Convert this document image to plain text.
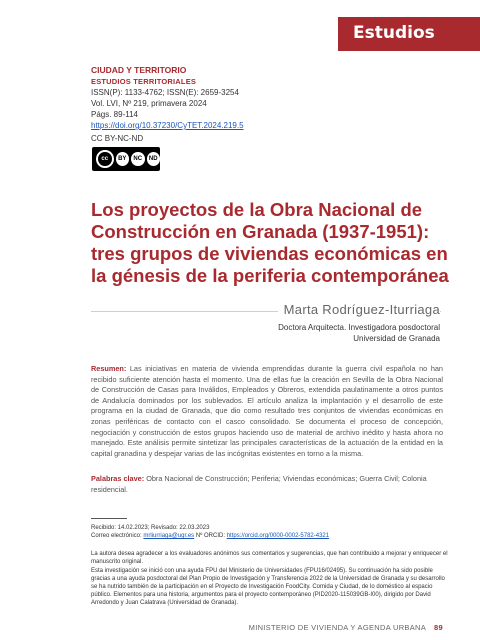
Estudios
CIUDAD Y TERRITORIO
ESTUDIOS TERRITORIALES
ISSN(P): 1133-4762; ISSN(E): 2659-3254
Vol. LVI, Nº 219, primavera 2024
Págs. 89-114
https://doi.org/10.37230/CyTET.2024.219.5
CC BY-NC-ND
cc	BY	NC	ND
Los proyectos de la Obra Nacional de Construcción en Granada (1937-1951): tres grupos de viviendas económicas en la génesis de la periferia contemporánea
Marta Rodríguez-Iturriaga
Doctora Arquitecta. Investigadora posdoctoral
Universidad de Granada
Resumen: Las iniciativas en materia de vivienda emprendidas durante la guerra civil española no han recibido suficiente atención hasta el momento. Una de ellas fue la creación en Sevilla de la Obra Nacional de Construcción de Casas para Inválidos, Empleados y Obreros, extendida paulatinamente a otros puntos de Andalucía dominados por los sublevados. El artículo analiza la implantación y el desarrollo de este programa en la ciudad de Granada, que dio como resultado tres conjuntos de viviendas económicas en zonas periféricas de contacto con el casco consolidado. Se documenta el proceso de concepción, negociación y construcción de estos grupos haciendo uso de material de archivo inédito y hasta ahora no manejado. Este análisis permite sintetizar las principales características de la actuación de la entidad en la capital granadina y despejar varias de las incógnitas existentes en torno a la misma.
Palabras clave: Obra Nacional de Construcción; Periferia; Viviendas económicas; Guerra Civil; Colonia residencial.
Recibido: 14.02.2023; Revisado: 22.03.2023
Correo electrónico: mrliurriaga@ugr.es Nº ORCID: https://orcid.org/0000-0002-5782-4321
La autora desea agradecer a los evaluadores anónimos sus comentarios y sugerencias, que han contribuido a mejorar y enriquecer el manuscrito original.
Esta investigación se inició con una ayuda FPU del Ministerio de Universidades (FPU16/02495). Su continuación ha sido posible gracias a una ayuda posdoctoral del Plan Propio de Investigación y Transferencia 2022 de la Universidad de Granada y su desarrollo se ha nutrido también de la participación en el Proyecto de Investigación FoodCity. Comida y Ciudad, de lo doméstico al espacio público. Elementos para una historia, argumentos para el proyecto contemporáneo (PID2020-115039GB-I00), dirigido por David Arredondo y Juan Calatrava (Universidad de Granada).
MINISTERIO DE VIVIENDA Y AGENDA URBANA 89
